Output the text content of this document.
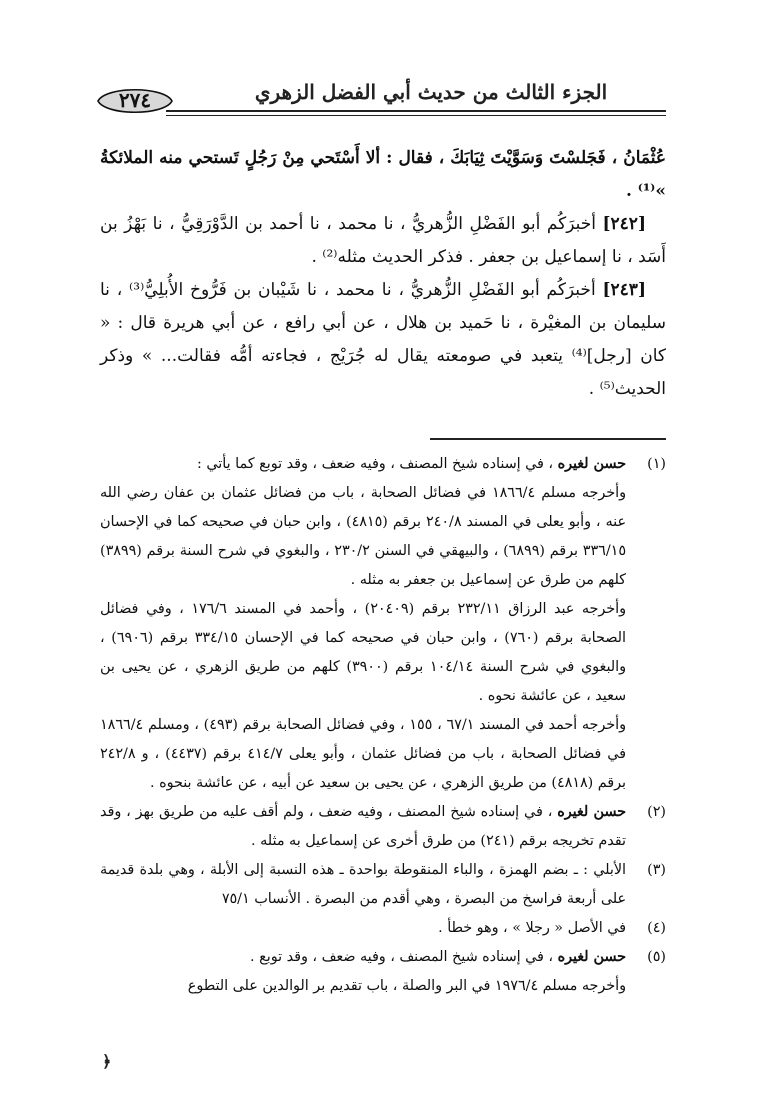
الجزء الثالث من حديث أبي الفضل الزهري
٢٧٤

عُثْمَانُ ، فَجَلسْتَ وَسَوَّيْتَ ثِيَابَكَ ، فقال : ألا أَسْتَحي مِنْ رَجُلٍ تَستحي منه الملائكةُ »⁽¹⁾ .

[٢٤٢] أخبرَكُم أبو الفَضْلِ الزُّهريُّ ، نا محمد ، نا أحمد بن الدَّوْرَقِيُّ ، نا بَهْزُ بن أَسَد ، نا إسماعيل بن جعفر . فذكر الحديث مثله⁽²⁾ .

[٢٤٣] أخبرَكُم أبو الفَضْلِ الزُّهريُّ ، نا محمد ، نا شَيْبان بن فَرُّوخ الأُبلِيُّ⁽³⁾ ، نا سليمان بن المغيْرة ، نا حَميد بن هلال ، عن أبي رافع ، عن أبي هريرة قال : « كان [رجل]⁽⁴⁾ يتعبد في صومعته يقال له جُرَيْج ، فجاءته أمُّه فقالت... » وذكر الحديث⁽⁵⁾ .

(١)
حسن لغيره ، في إسناده شيخ المصنف ، وفيه ضعف ، وقد توبع كما يأتي :

وأخرجه مسلم ١٨٦٦/٤ في فضائل الصحابة ، باب من فضائل عثمان بن عفان رضي الله عنه ، وأبو يعلى في المسند ٢٤٠/٨ برقم (٤٨١٥) ، وابن حبان في صحيحه كما في الإحسان ٣٣٦/١٥ برقم (٦٨٩٩) ، والبيهقي في السنن ٢٣٠/٢ ، والبغوي في شرح السنة برقم (٣٨٩٩) كلهم من طرق عن إسماعيل بن جعفر به مثله .

وأخرجه عبد الرزاق ٢٣٢/١١ برقم (٢٠٤٠٩) ، وأحمد في المسند ١٧٦/٦ ، وفي فضائل الصحابة برقم (٧٦٠) ، وابن حبان في صحيحه كما في الإحسان ٣٣٤/١٥ برقم (٦٩٠٦) ، والبغوي في شرح السنة ١٠٤/١٤ برقم (٣٩٠٠) كلهم من طريق الزهري ، عن يحيى بن سعيد ، عن عائشة نحوه .

وأخرجه أحمد في المسند ٦٧/١ ، ١٥٥ ، وفي فضائل الصحابة برقم (٤٩٣) ، ومسلم ١٨٦٦/٤ في فضائل الصحابة ، باب من فضائل عثمان ، وأبو يعلى ٤١٤/٧ برقم (٤٤٣٧) ، و ٢٤٢/٨ برقم (٤٨١٨) من طريق الزهري ، عن يحيى بن سعيد عن أبيه ، عن عائشة بنحوه .

(٢)
حسن لغيره ، في إسناده شيخ المصنف ، وفيه ضعف ، ولم أقف عليه من طريق بهز ، وقد تقدم تخريجه برقم (٢٤١) من طرق أخرى عن إسماعيل به مثله .

(٣)
الأبلي : ـ بضم الهمزة ، والباء المنقوطة بواحدة ـ هذه النسبة إلى الأبلة ، وهي بلدة قديمة على أربعة فراسخ من البصرة ، وهي أقدم من البصرة . الأنساب ٧٥/١

(٤)
في الأصل « رجلا » ، وهو خطأ .

(٥)
حسن لغيره ، في إسناده شيخ المصنف ، وفيه ضعف ، وقد توبع .

وأخرجه مسلم ١٩٧٦/٤ في البر والصلة ، باب تقديم بر الوالدين على التطوع

﴿
